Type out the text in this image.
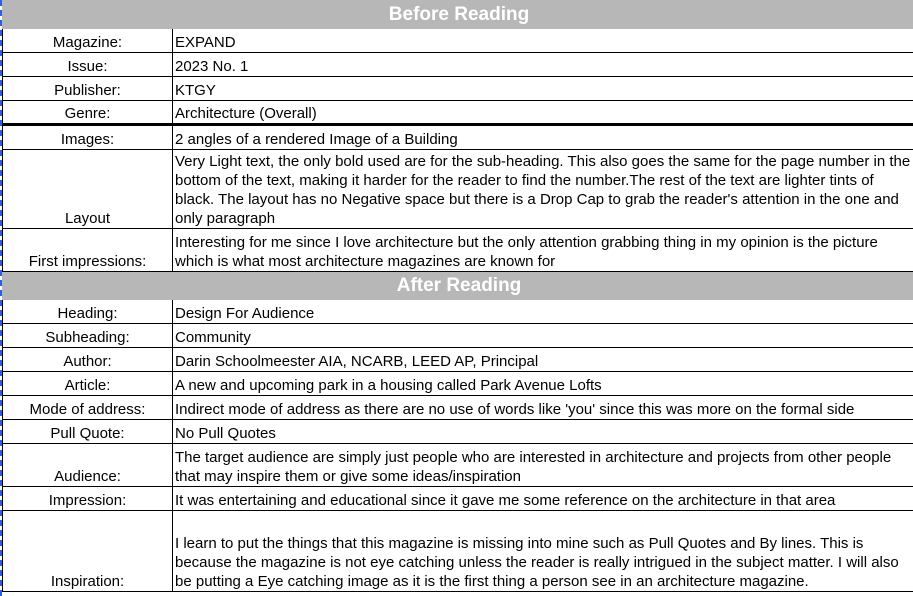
Before Reading	
Magazine:	EXPAND
Issue:	2023 No. 1
Publisher:	KTGY
Genre:	Architecture (Overall)
Images:	2 angles of a rendered Image of a Building
Layout	Very Light text, the only bold used are for the sub-heading. This also goes the same for the page number in the bottom of the text, making it harder for the reader to find the number.The rest of the text are lighter tints of black. The layout has no Negative space but there is a Drop Cap to grab the reader's attention in the one and only paragraph
First impressions:	Interesting for me since I love architecture but the only attention grabbing thing in my opinion is the picture which is what most architecture magazines are known for
After Reading	
Heading:	Design For Audience
Subheading:	Community
Author:	Darin Schoolmeester AIA, NCARB, LEED AP, Principal
Article:	A new and upcoming park in a housing called Park Avenue Lofts
Mode of address:	Indirect mode of address as there are no use of words like 'you' since this was more on the formal side
Pull Quote:	No Pull Quotes
Audience:	The target audience are simply just people who are interested in architecture and projects from other people that may inspire them or give some ideas/inspiration
Impression:	It was entertaining and educational since it gave me some reference on the architecture in that area
Inspiration:	I learn to put the things that this magazine is missing into mine such as Pull Quotes and By lines. This is because the magazine is not eye catching unless the reader is really intrigued in the subject matter. I will also be putting a Eye catching image as it is the first thing a person see in an architecture magazine.
